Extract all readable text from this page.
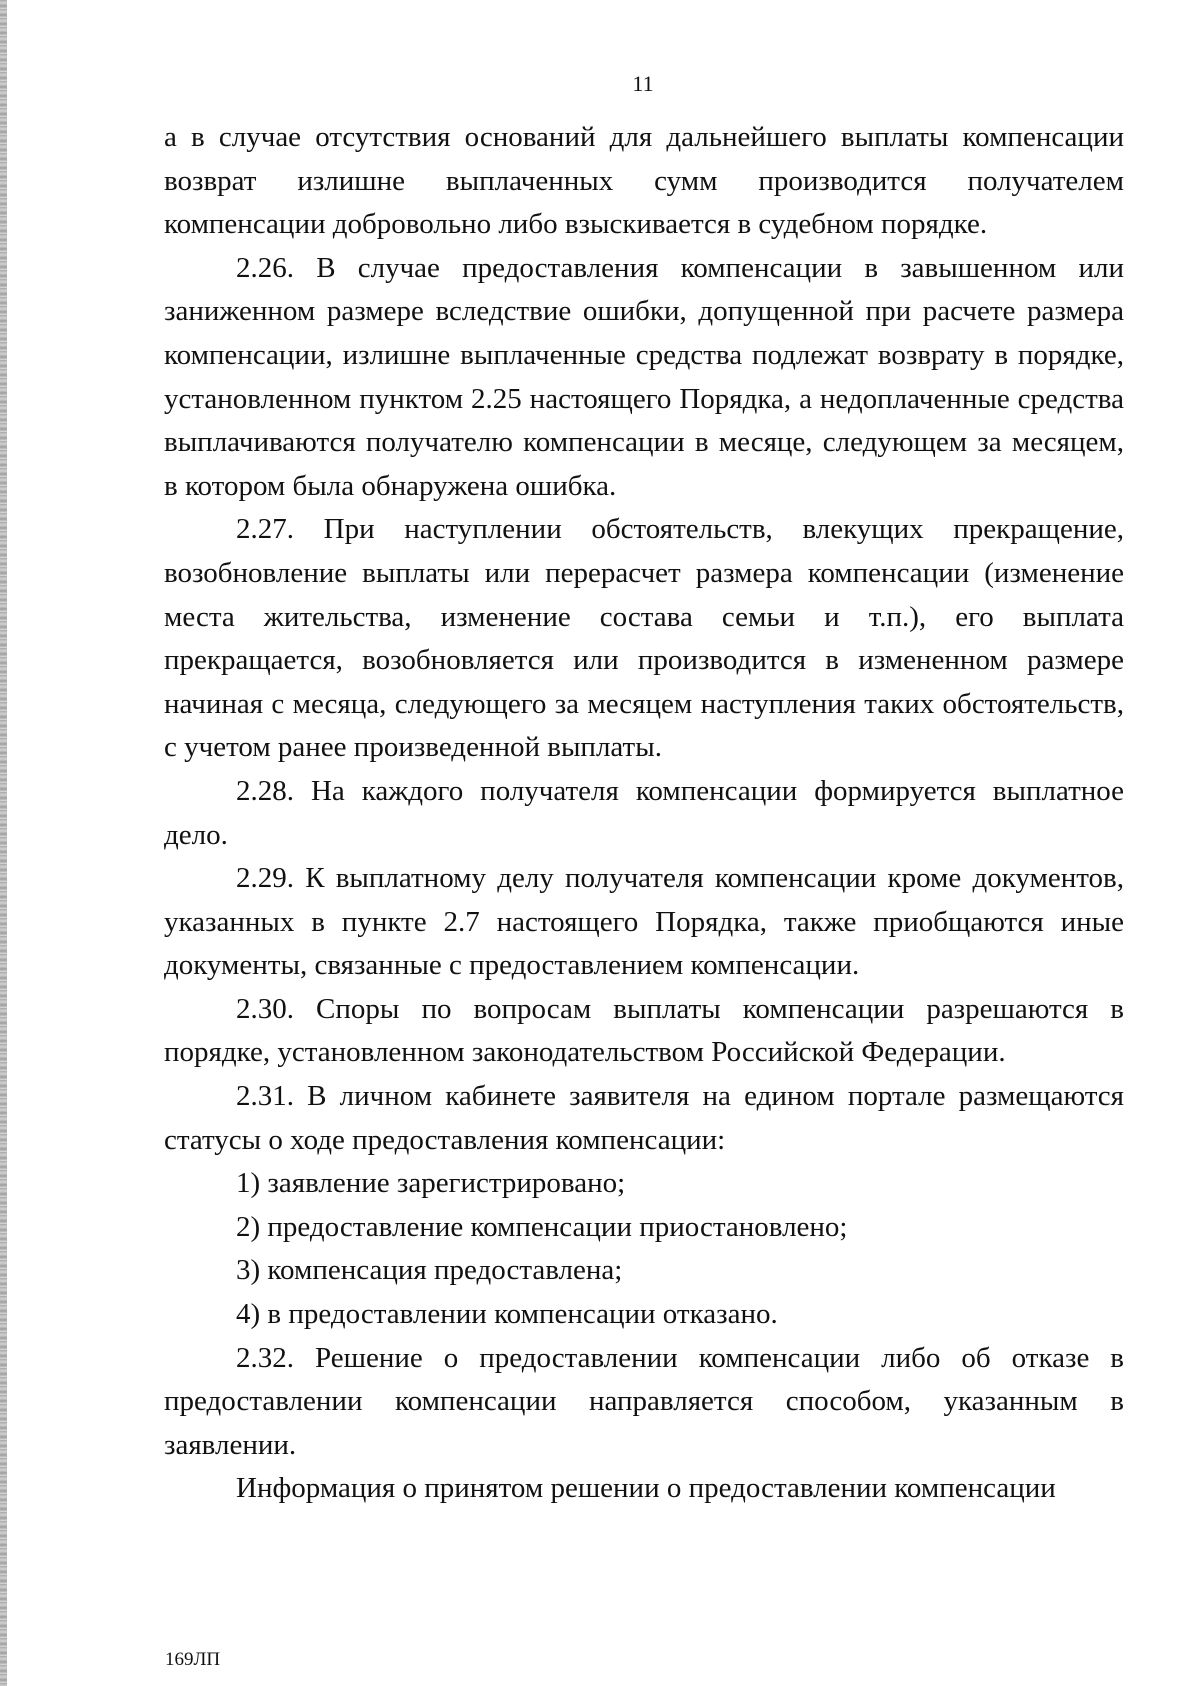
11

а в случае отсутствия оснований для дальнейшего выплаты компенсации возврат излишне выплаченных сумм производится получателем компенсации добровольно либо взыскивается в судебном порядке.

2.26. В случае предоставления компенсации в завышенном или заниженном размере вследствие ошибки, допущенной при расчете размера компенсации, излишне выплаченные средства подлежат возврату в порядке, установленном пунктом 2.25 настоящего Порядка, а недоплаченные средства выплачиваются получателю компенсации в месяце, следующем за месяцем, в котором была обнаружена ошибка.

2.27. При наступлении обстоятельств, влекущих прекращение, возобновление выплаты или перерасчет размера компенсации (изменение места жительства, изменение состава семьи и т.п.), его выплата прекращается, возобновляется или производится в измененном размере начиная с месяца, следующего за месяцем наступления таких обстоятельств, с учетом ранее произведенной выплаты.

2.28. На каждого получателя компенсации формируется выплатное дело.

2.29. К выплатному делу получателя компенсации кроме документов, указанных в пункте 2.7 настоящего Порядка, также приобщаются иные документы, связанные с предоставлением компенсации.

2.30. Споры по вопросам выплаты компенсации разрешаются в порядке, установленном законодательством Российской Федерации.

2.31. В личном кабинете заявителя на едином портале размещаются статусы о ходе предоставления компенсации:

1) заявление зарегистрировано;

2) предоставление компенсации приостановлено;

3) компенсация предоставлена;

4) в предоставлении компенсации отказано.

2.32. Решение о предоставлении компенсации либо об отказе в предоставлении компенсации направляется способом, указанным в заявлении.

Информация о принятом решении о предоставлении компенсации

169ЛП
